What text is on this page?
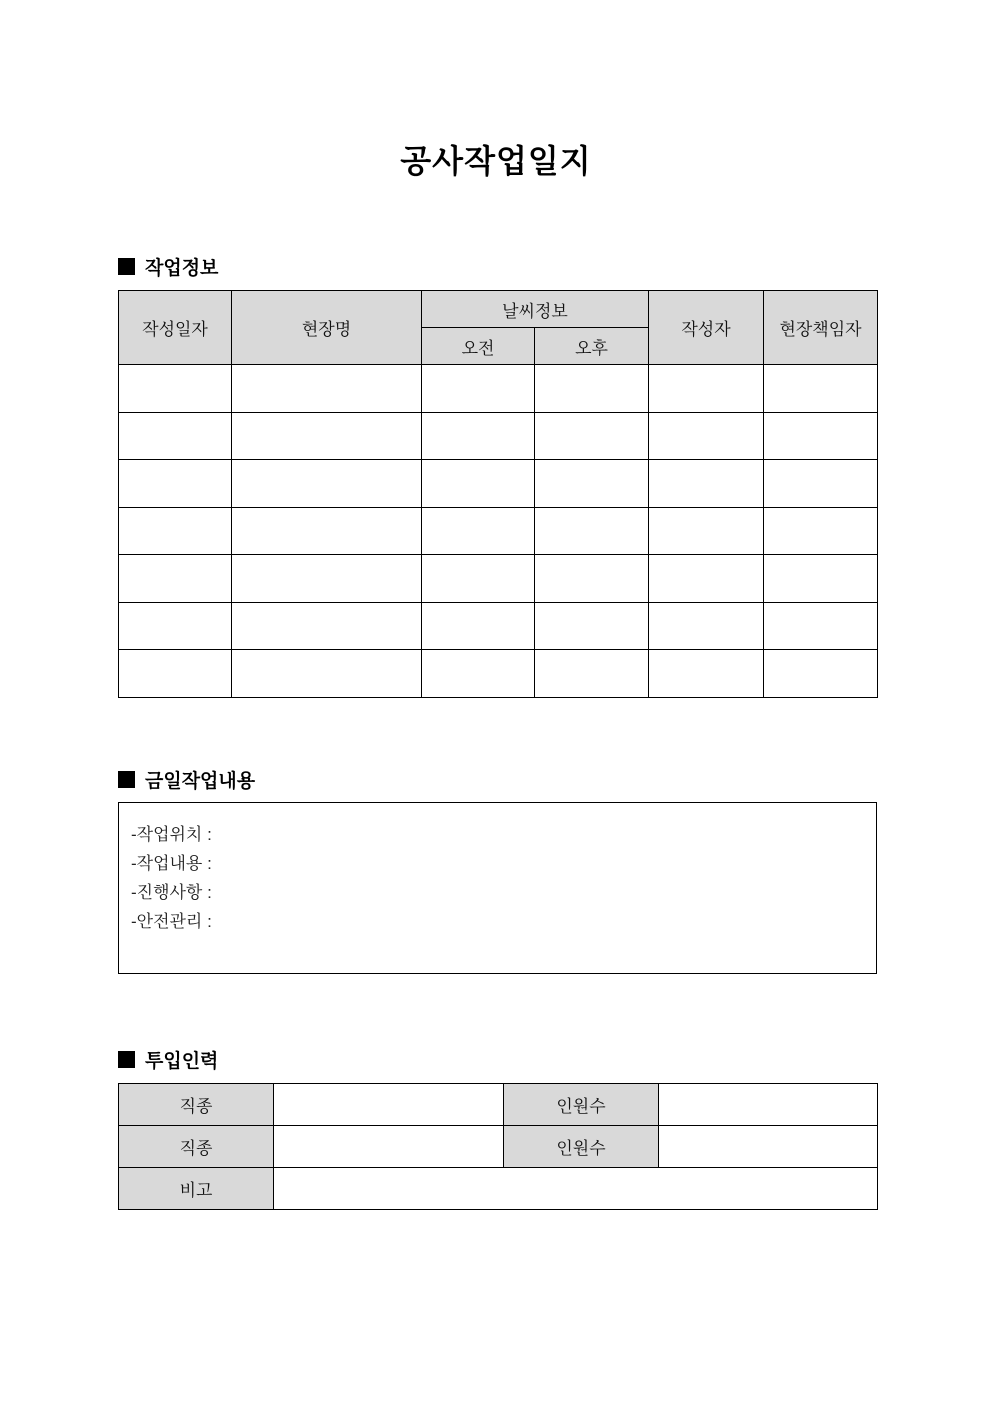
공사작업일지
작업정보
작성일자	현장명	날씨정보		작성자	현장책임자
		오전	오후		

금일작업내용
-작업위치 :
-작업내용 :
-진행사항 :
-안전관리 :
투입인력
직종		인원수	
직종		인원수	
비고			
